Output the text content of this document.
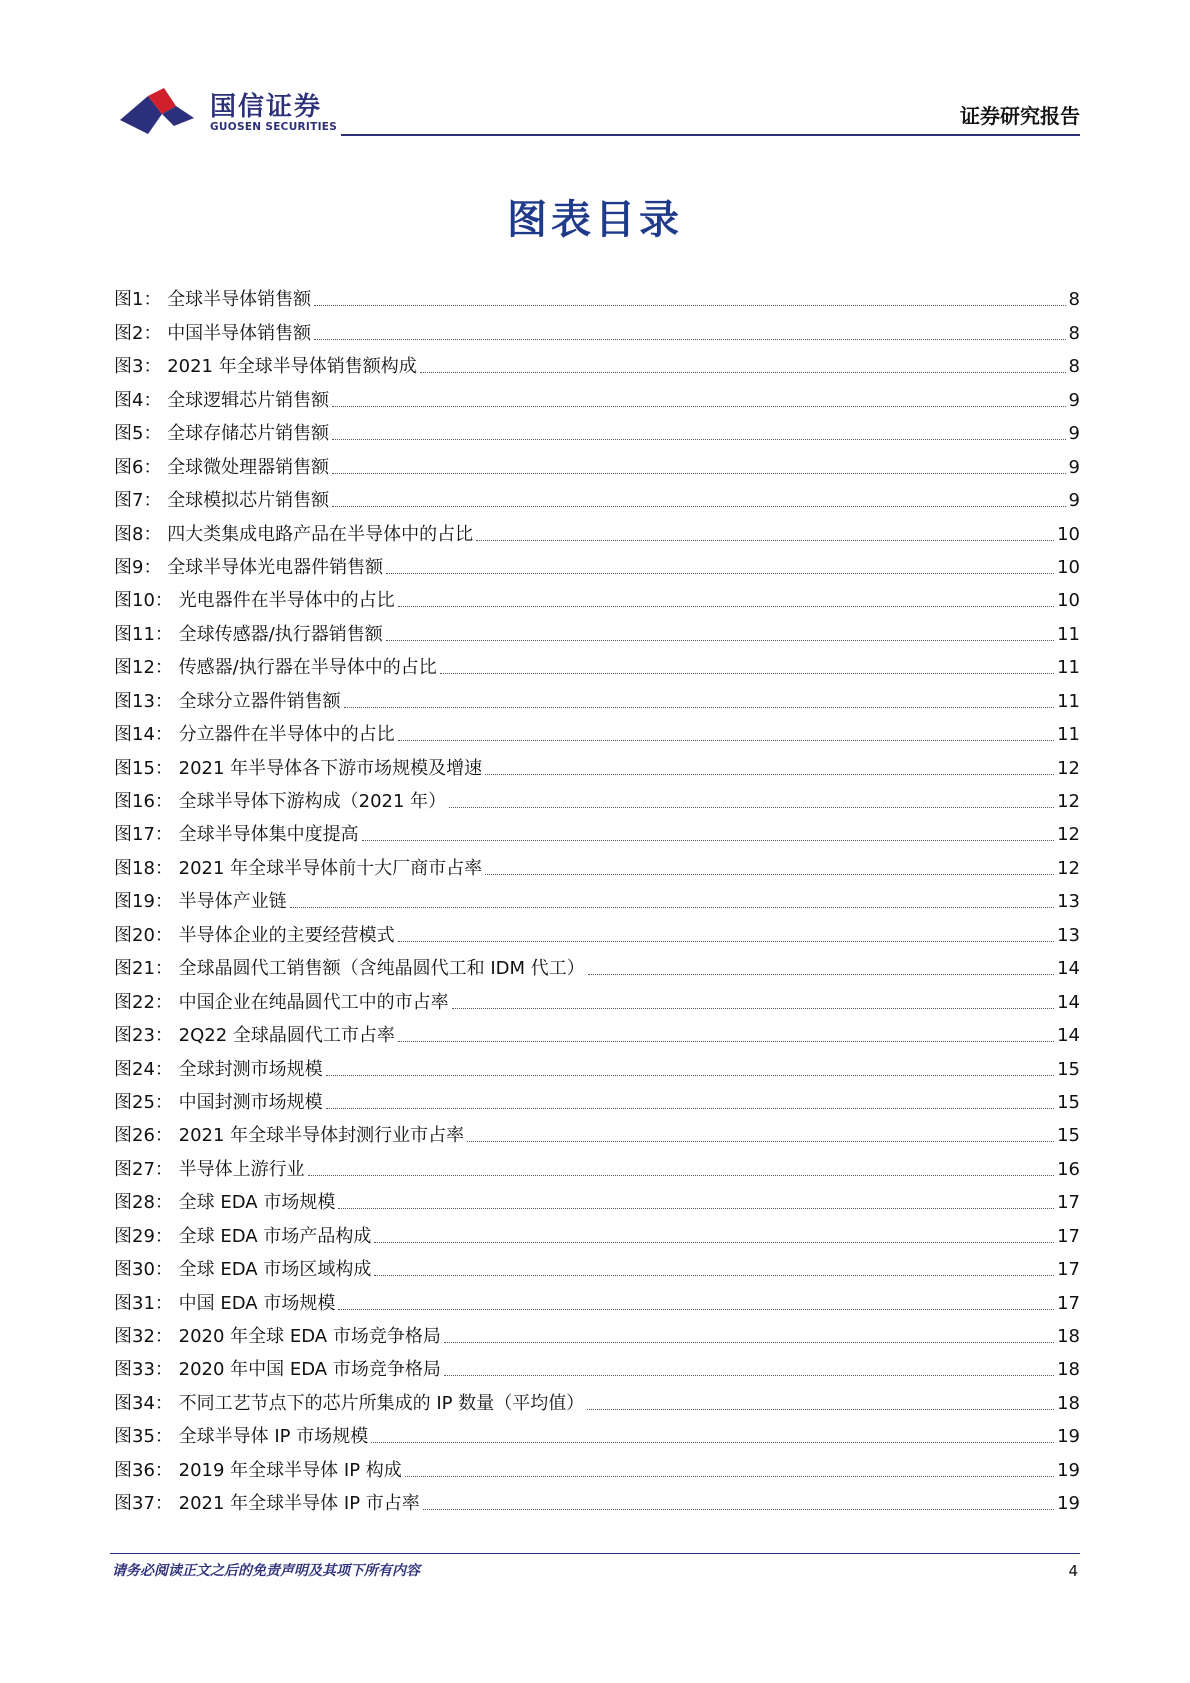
国信证券
GUOSEN SECURITIES	证券研究报告
图表目录
图1：
全球半导体销售额	8
图2：
中国半导体销售额	8
图3：
2021 年全球半导体销售额构成	8
图4：
全球逻辑芯片销售额	9
图5：
全球存储芯片销售额	9
图6：
全球微处理器销售额	9
图7：
全球模拟芯片销售额	9
图8：
四大类集成电路产品在半导体中的占比	10
图9：
全球半导体光电器件销售额	10
图10：
光电器件在半导体中的占比	10
图11：
全球传感器/执行器销售额	11
图12：
传感器/执行器在半导体中的占比	11
图13：
全球分立器件销售额	11
图14：
分立器件在半导体中的占比	11
图15：
2021 年半导体各下游市场规模及增速	12
图16：
全球半导体下游构成（2021 年）	12
图17：
全球半导体集中度提高	12
图18：
2021 年全球半导体前十大厂商市占率	12
图19：
半导体产业链	13
图20：
半导体企业的主要经营模式	13
图21：
全球晶圆代工销售额（含纯晶圆代工和 IDM 代工）	14
图22：
中国企业在纯晶圆代工中的市占率	14
图23：
2Q22 全球晶圆代工市占率	14
图24：
全球封测市场规模	15
图25：
中国封测市场规模	15
图26：
2021 年全球半导体封测行业市占率	15
图27：
半导体上游行业	16
图28：
全球 EDA 市场规模	17
图29：
全球 EDA 市场产品构成	17
图30：
全球 EDA 市场区域构成	17
图31：
中国 EDA 市场规模	17
图32：
2020 年全球 EDA 市场竞争格局	18
图33：
2020 年中国 EDA 市场竞争格局	18
图34：
不同工艺节点下的芯片所集成的 IP 数量（平均值）	18
图35：
全球半导体 IP 市场规模	19
图36：
2019 年全球半导体 IP 构成	19
图37：
2021 年全球半导体 IP 市占率	19
请务必阅读正文之后的免责声明及其项下所有内容	4
